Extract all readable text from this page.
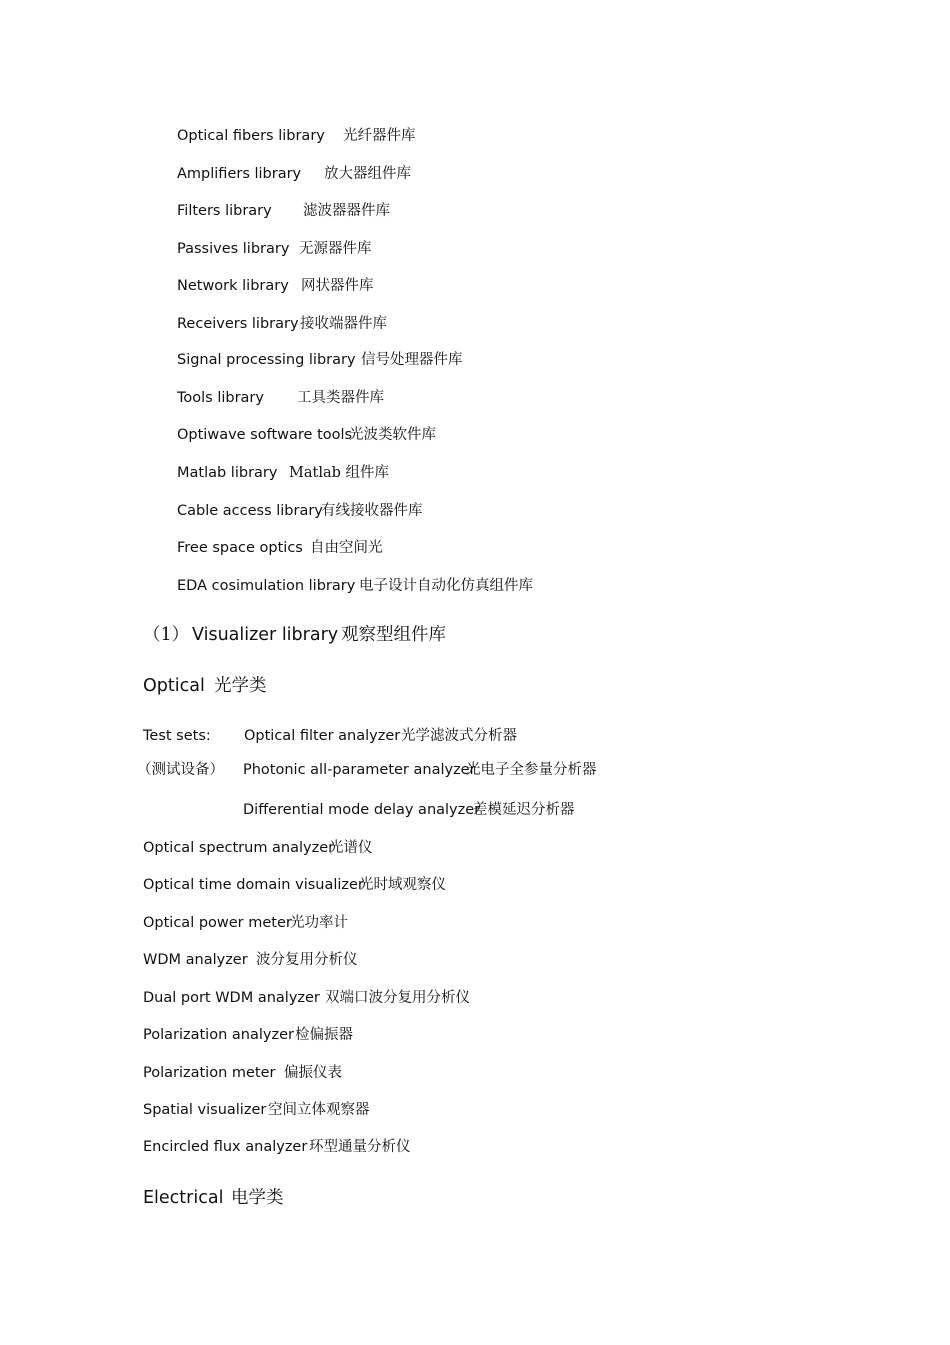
Optical fibers library 光纤器件库
Amplifiers library 放大器组件库
Filters library 滤波器器件库
Passives library 无源器件库
Network library 网状器件库
Receivers library 接收端器件库
Signal processing library 信号处理器件库
Tools library 工具类器件库
Optiwave software tools
光波类软件库
Matlab library Matlab 组件库
Cable access library
有线接收器件库
Free space optics 自由空间光
EDA cosimulation library 电子设计自动化仿真组件库
（1） Visualizer library 观察型组件库
Optical 光学类
Test sets: Optical filter analyzer 光学滤波式分析器
（测试设备） Photonic all-parameter analyzer
光电子全参量分析器
Differential mode delay analyzer
差模延迟分析器
Optical spectrum analyzer
光谱仪
Optical time domain visualizer
光时域观察仪
Optical power meter
光功率计
WDM analyzer 波分复用分析仪
Dual port WDM analyzer 双端口波分复用分析仪
Polarization analyzer 检偏振器
Polarization meter 偏振仪表
Spatial visualizer 空间立体观察器
Encircled flux analyzer 环型通量分析仪
Electrical 电学类
